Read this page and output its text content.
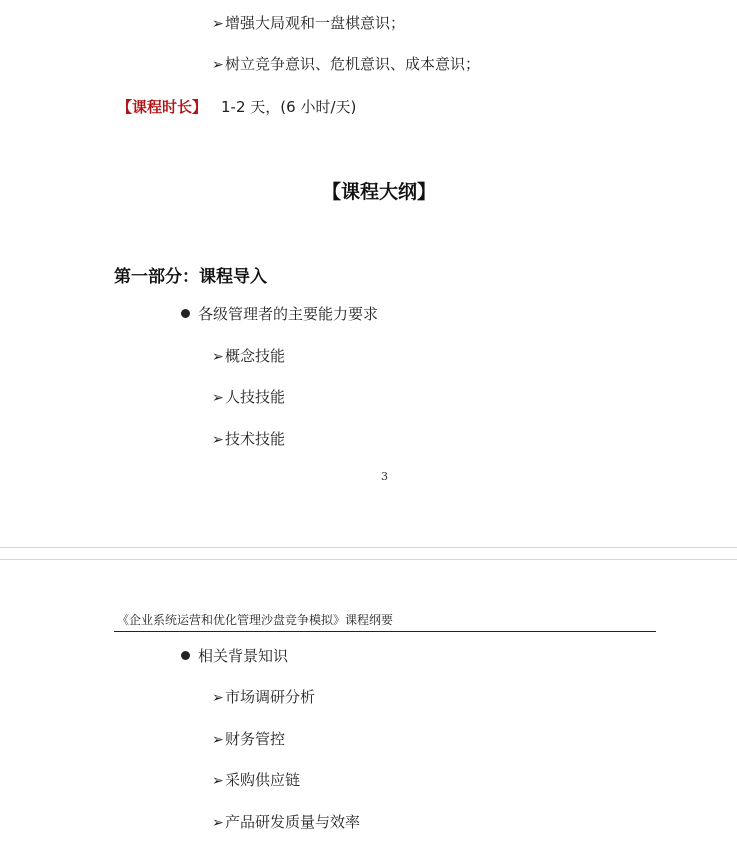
➢增强大局观和一盘棋意识；
➢树立竞争意识、危机意识、成本意识；
【课程时长】 1-2 天，(6 小时/天)
【课程大纲】
第一部分：课程导入
各级管理者的主要能力要求
➢概念技能
➢人技技能
➢技术技能
3
《企业系统运营和优化管理沙盘竞争模拟》课程纲要
相关背景知识
➢市场调研分析
➢财务管控
➢采购供应链
➢产品研发质量与效率
